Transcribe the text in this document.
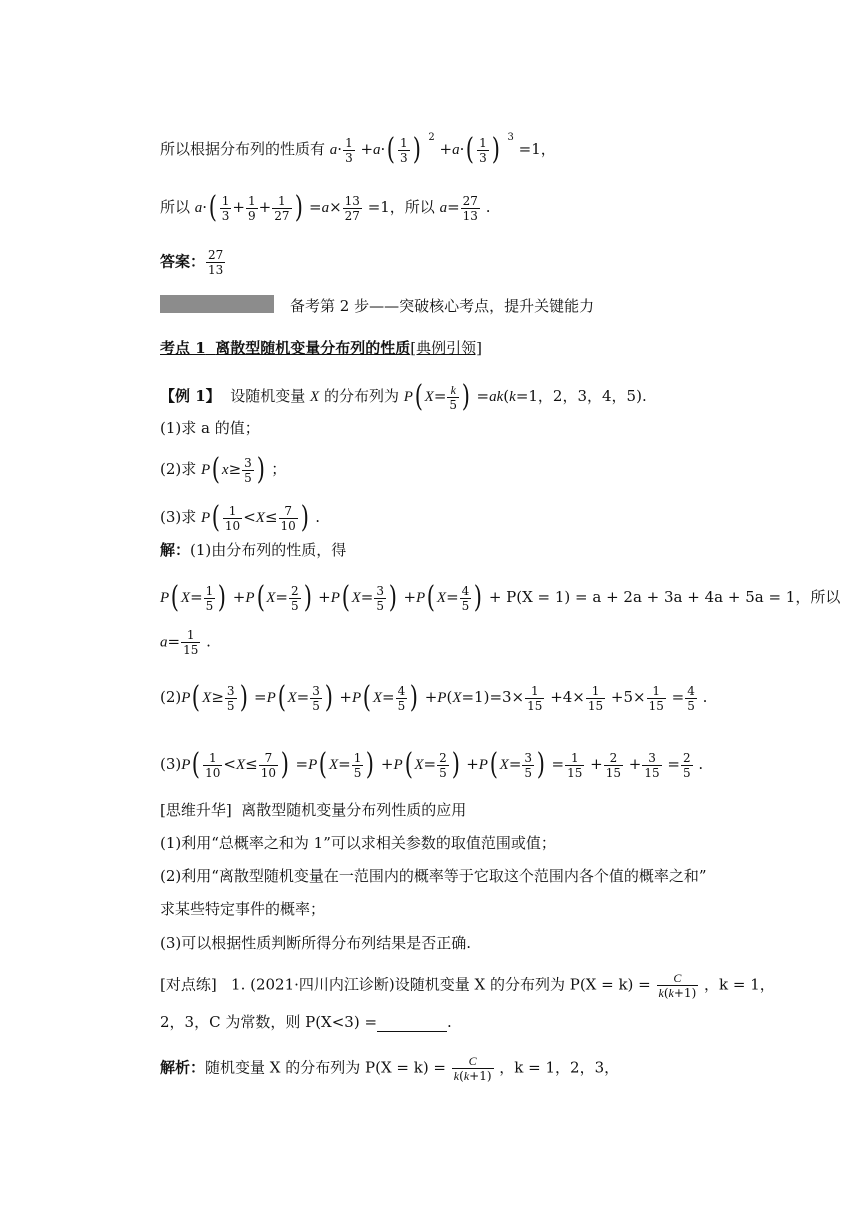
所以根据分布列的性质有 $a\cdot \frac{1}{3} +a\cdot( \frac{1}{3}$ ) $^2 +a\cdot( \frac{1}{3}$ ) $^3$ =1，
所以 $a\cdot( \frac{1}{3} + \frac{1}{9} + \frac{1}{27}$ ) $=a\times \frac{13}{27} =1$，所以 $a= \frac{27}{13}$ .
答案： $\frac{27}{13}$
备考第 2 步——突破核心考点，提升关键能力
考点 1 离散型随机变量分布列的性质[典例引领]
【例 1】 设随机变量 X 的分布列为 P( $X= \frac{k}{5}$ ) =ak(k=1，2，3，4，5).
(1)求 a 的值；
(2)求 P( $x\ge \frac{3}{5}$ ) ；
(3)求 $P( \frac{1}{10} <X\le \frac{7}{10}$ ) .
解：(1)由分布列的性质，得
P( $X= \frac{1}{5}$ ) +P( $X= \frac{2}{5}$ ) +P( $X= \frac{3}{5}$ ) +P( $X= \frac{4}{5}$ ) + P(X = 1) = a + 2a + 3a + 4a + 5a = 1，所以
$a= \frac{1}{15}$ .
(2)P( $X\ge \frac{3}{5}$ ) =P( $X= \frac{3}{5}$ ) +P( $X= \frac{4}{5}$ ) $+P(X=1)=3\times \frac{1}{15} +4\times \frac{1}{15} +5\times \frac{1}{15} = \frac{4}{5}$ .
$(3)P( \frac{1}{10} <X\le \frac{7}{10}$ ) =P( $X= \frac{1}{5}$ ) +P( $X= \frac{2}{5}$ ) +P( $X= \frac{3}{5}$ ) = $\frac{1}{15} + \frac{2}{15} + \frac{3}{15} = \frac{2}{5}$ .
[思维升华] 离散型随机变量分布列性质的应用
(1)利用“总概率之和为 1”可以求相关参数的取值范围或值；
(2)利用“离散型随机变量在一范围内的概率等于它取这个范围内各个值的概率之和”
求某些特定事件的概率；
(3)可以根据性质判断所得分布列结果是否正确.
[对点练] 1. (2021·四川内江诊断)设随机变量 X 的分布列为 $P(X = k) = \frac{C}{k(k+1)}$ ，k = 1，
2，3，C 为常数，则 P(X<3) =	.
解析：随机变量 X 的分布列为 $P(X = k) = \frac{C}{k(k+1)}$ ，k = 1，2，3，
